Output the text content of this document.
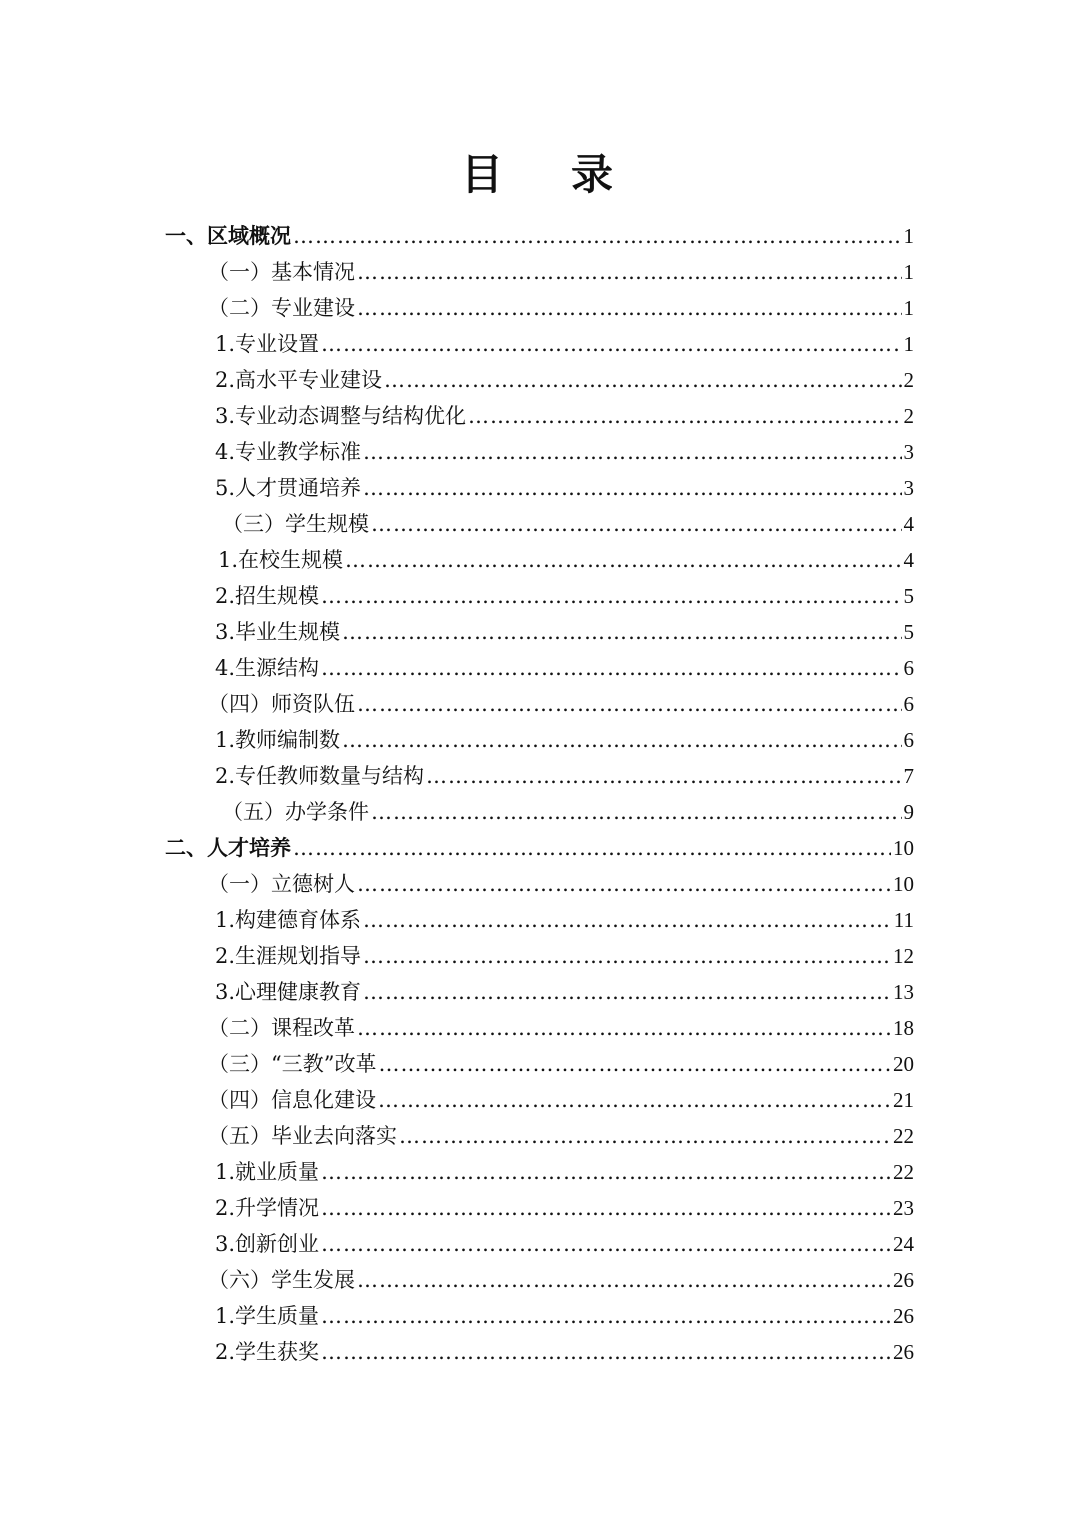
目 录
一、区域概况 ……………………………………………………………………………………………………………………………………	1
（一）基本情况 ……………………………………………………………………………………………………………………………………	1
（二）专业建设 ……………………………………………………………………………………………………………………………………	1
1.专业设置 ……………………………………………………………………………………………………………………………………	1
2.高水平专业建设 ……………………………………………………………………………………………………………………………………	2
3.专业动态调整与结构优化 ……………………………………………………………………………………………………………………………………	2
4.专业教学标准 ……………………………………………………………………………………………………………………………………	3
5.人才贯通培养 ……………………………………………………………………………………………………………………………………	3
（三）学生规模 ……………………………………………………………………………………………………………………………………	4
1.在校生规模 ……………………………………………………………………………………………………………………………………	4
2.招生规模 ……………………………………………………………………………………………………………………………………	5
3.毕业生规模 ……………………………………………………………………………………………………………………………………	5
4.生源结构 ……………………………………………………………………………………………………………………………………	6
（四）师资队伍 ……………………………………………………………………………………………………………………………………	6
1.教师编制数 ……………………………………………………………………………………………………………………………………	6
2.专任教师数量与结构 ……………………………………………………………………………………………………………………………………	7
（五）办学条件 ……………………………………………………………………………………………………………………………………	9
二、人才培养 ……………………………………………………………………………………………………………………………………	10
（一）立德树人 ……………………………………………………………………………………………………………………………………	10
1.构建德育体系 ……………………………………………………………………………………………………………………………………	11
2.生涯规划指导 ……………………………………………………………………………………………………………………………………	12
3.心理健康教育 ……………………………………………………………………………………………………………………………………	13
（二）课程改革 ……………………………………………………………………………………………………………………………………	18
（三）“三教”改革 ……………………………………………………………………………………………………………………………………	20
（四）信息化建设 ……………………………………………………………………………………………………………………………………	21
（五）毕业去向落实 ……………………………………………………………………………………………………………………………………	22
1.就业质量 ……………………………………………………………………………………………………………………………………	22
2.升学情况 ……………………………………………………………………………………………………………………………………	23
3.创新创业 ……………………………………………………………………………………………………………………………………	24
（六）学生发展 ……………………………………………………………………………………………………………………………………	26
1.学生质量 ……………………………………………………………………………………………………………………………………	26
2.学生获奖 ……………………………………………………………………………………………………………………………………	26
